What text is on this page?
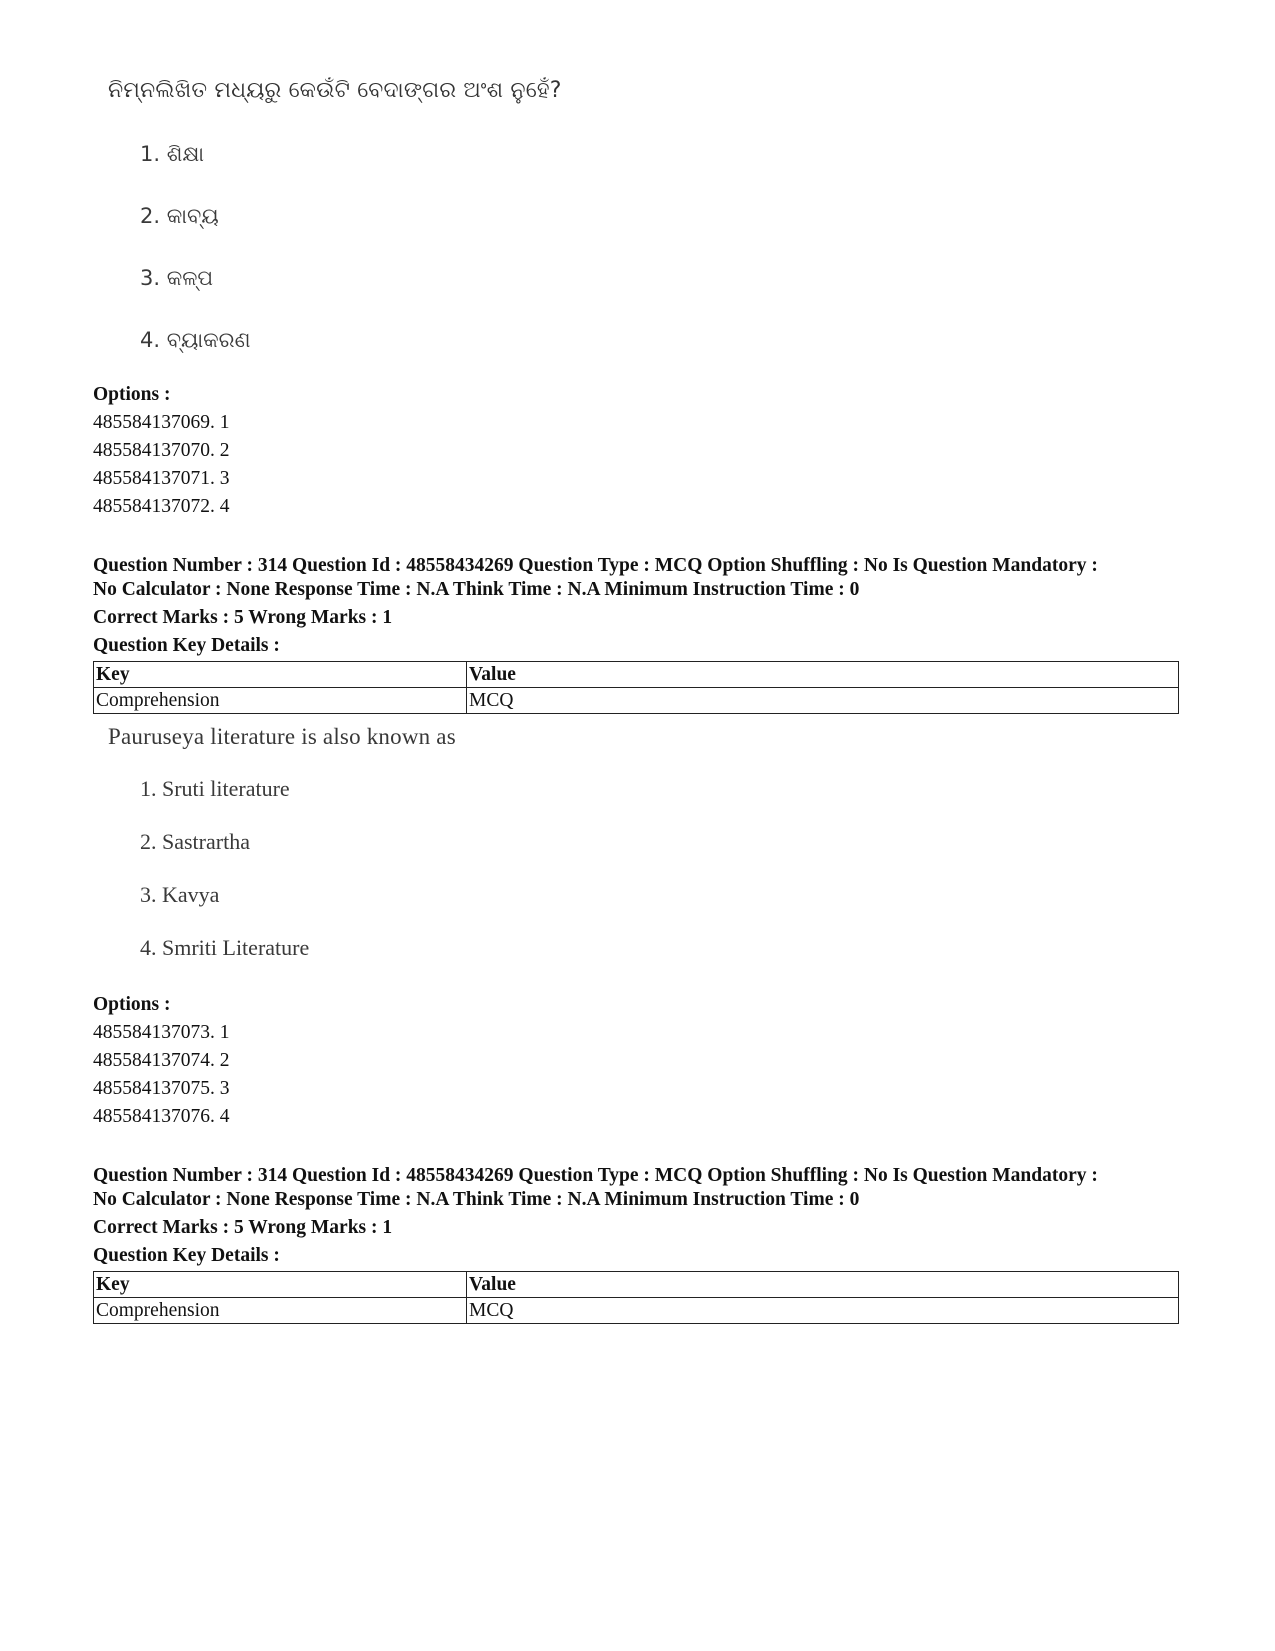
ନିମ୍ନଲିଖିତ ମଧ୍ୟରୁ କେଉଁଟି ବେଦାଙ୍ଗର ଅଂଶ ନୁହେଁ?
1. ଶିକ୍ଷା
2. କାବ୍ୟ
3. କଳ୍ପ
4. ବ୍ୟାକରଣ
Options :
485584137069. 1
485584137070. 2
485584137071. 3
485584137072. 4
Question Number : 314 Question Id : 48558434269 Question Type : MCQ Option Shuffling : No Is Question Mandatory :
No Calculator : None Response Time : N.A Think Time : N.A Minimum Instruction Time : 0
Correct Marks : 5 Wrong Marks : 1
Question Key Details :
Key	Value
Comprehension	MCQ
Pauruseya literature is also known as
1. Sruti literature
2. Sastrartha
3. Kavya
4. Smriti Literature
Options :
485584137073. 1
485584137074. 2
485584137075. 3
485584137076. 4
Question Number : 314 Question Id : 48558434269 Question Type : MCQ Option Shuffling : No Is Question Mandatory :
No Calculator : None Response Time : N.A Think Time : N.A Minimum Instruction Time : 0
Correct Marks : 5 Wrong Marks : 1
Question Key Details :
Key	Value
Comprehension	MCQ
